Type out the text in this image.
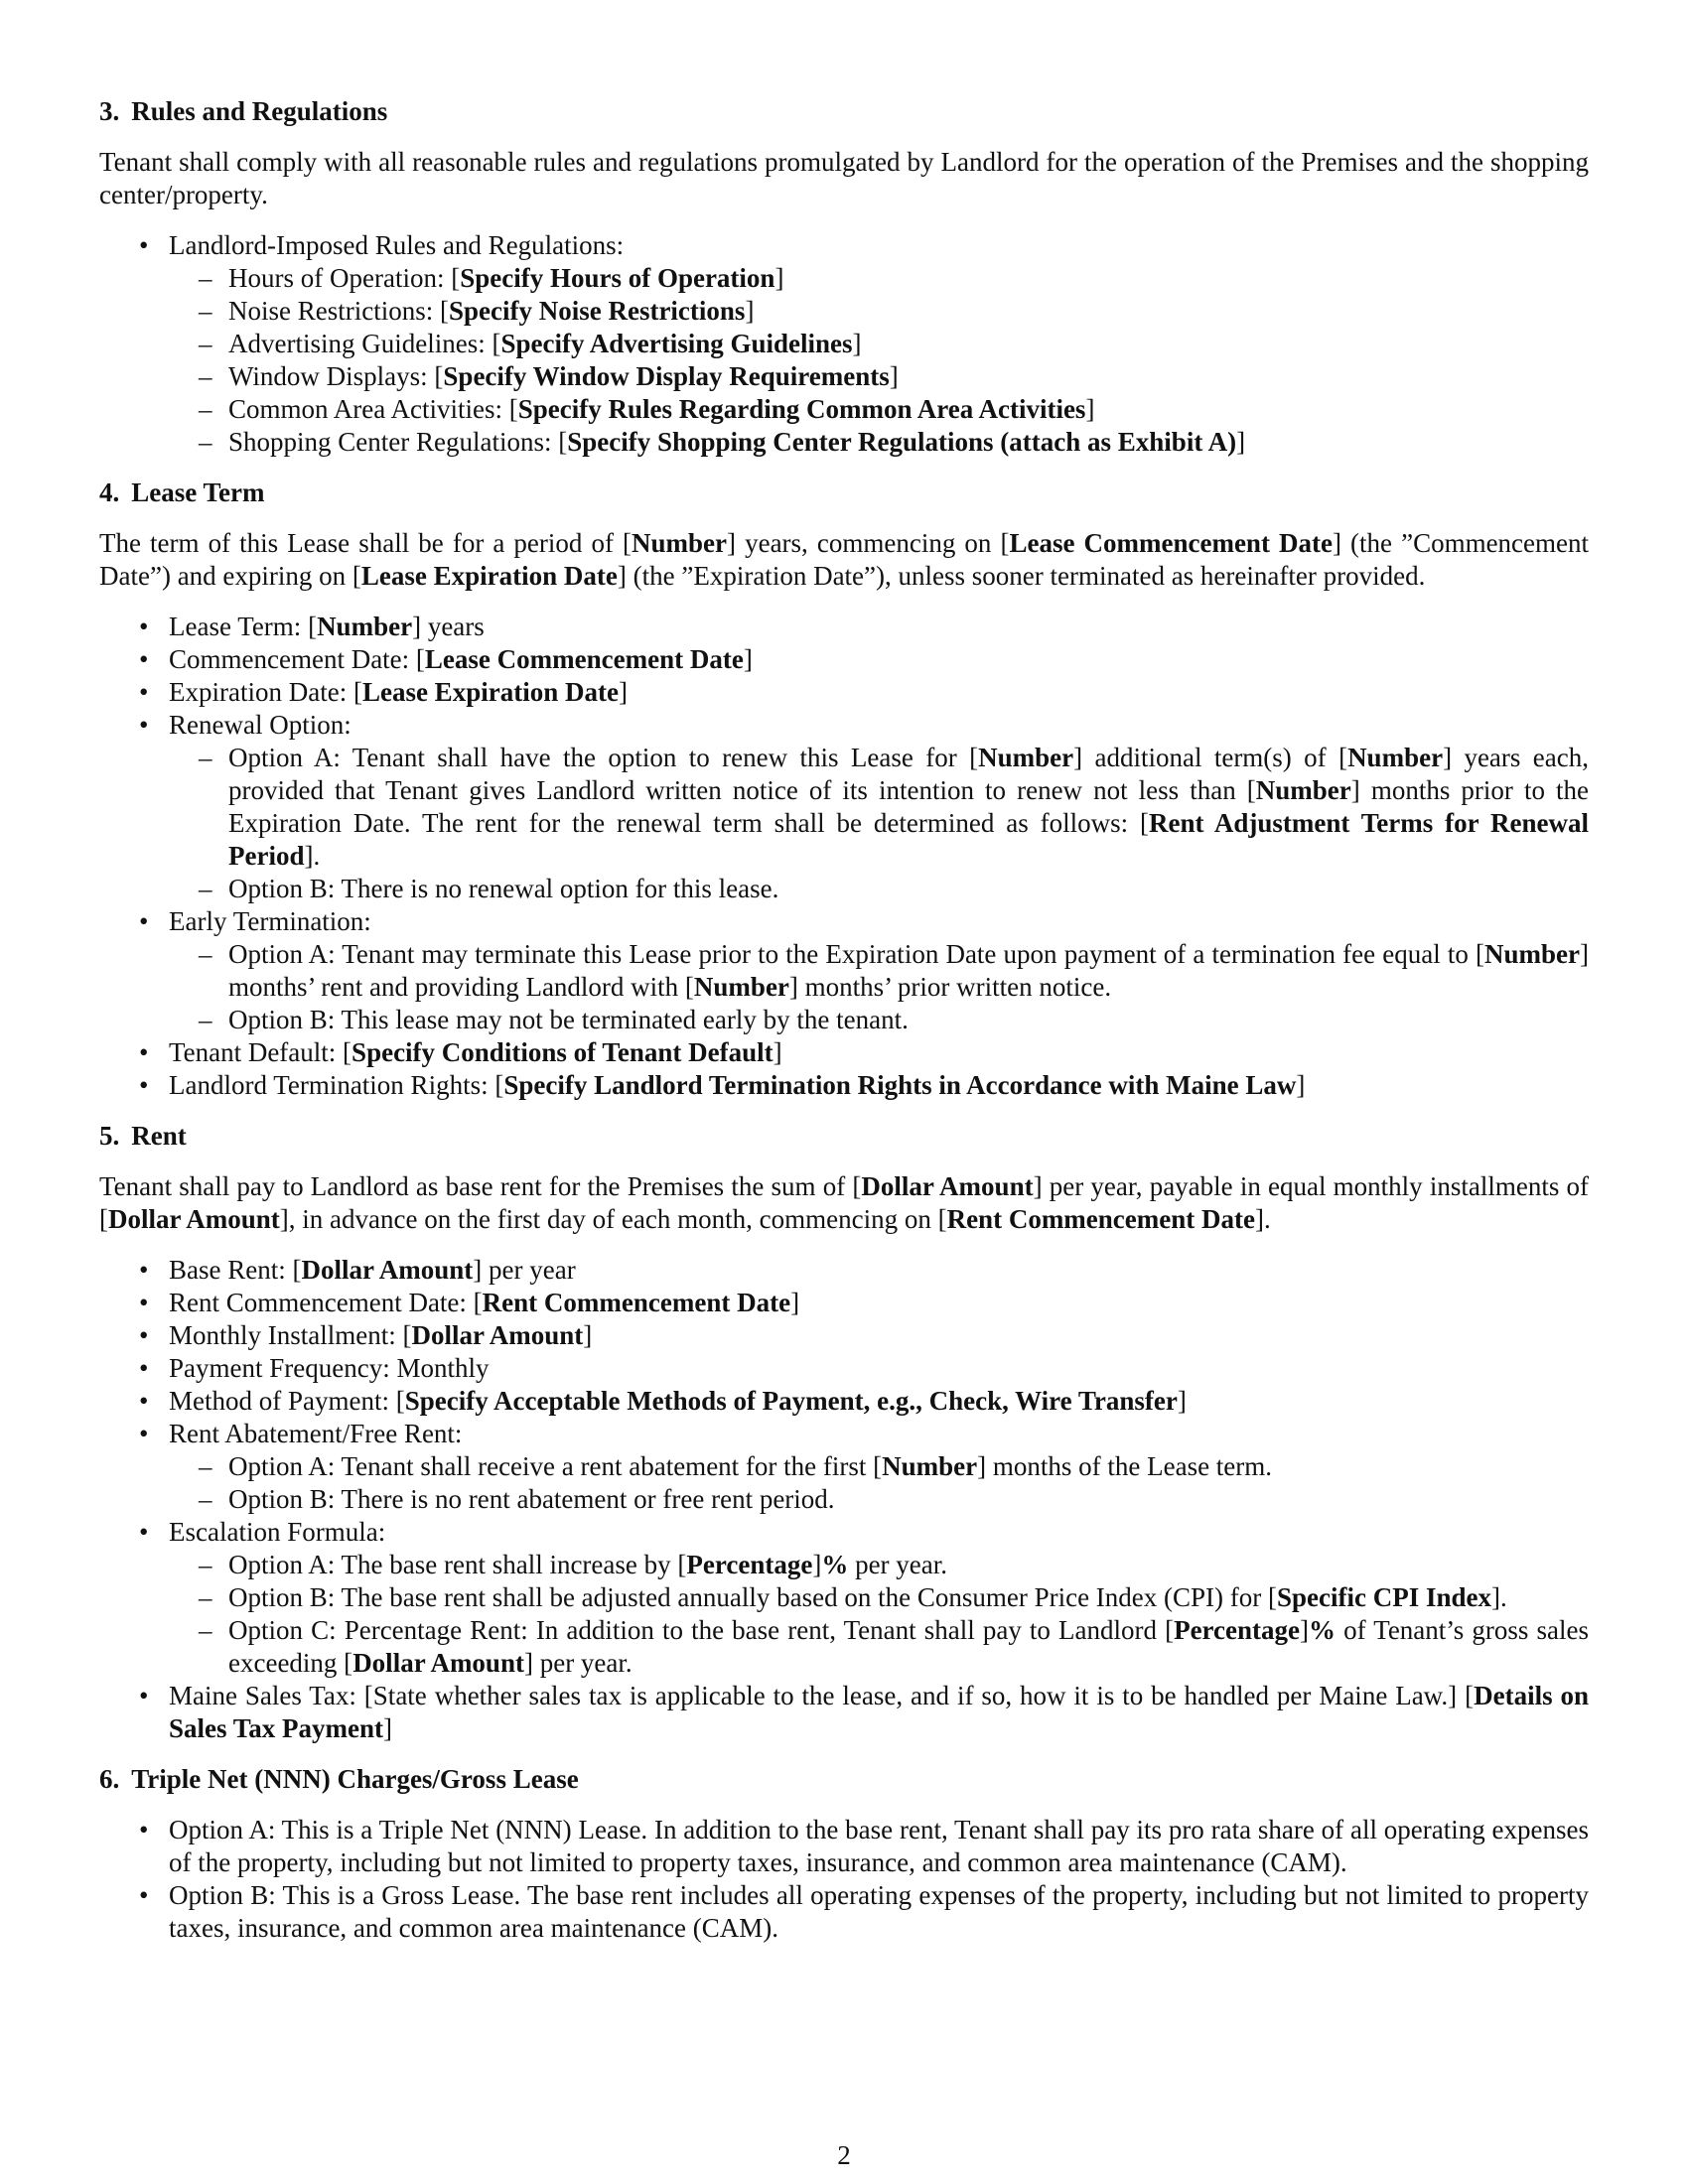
3. Rules and Regulations

Tenant shall comply with all reasonable rules and regulations promulgated by Landlord for the operation of the Premises and the shopping center/property.

• Landlord-Imposed Rules and Regulations:
– Hours of Operation: [Specify Hours of Operation]
– Noise Restrictions: [Specify Noise Restrictions]
– Advertising Guidelines: [Specify Advertising Guidelines]
– Window Displays: [Specify Window Display Requirements]
– Common Area Activities: [Specify Rules Regarding Common Area Activities]
– Shopping Center Regulations: [Specify Shopping Center Regulations (attach as Exhibit A)]
4. Lease Term

The term of this Lease shall be for a period of [Number] years, commencing on [Lease Commencement Date] (the ”Commencement Date”) and expiring on [Lease Expiration Date] (the ”Expiration Date”), unless sooner terminated as hereinafter provided.

• Lease Term: [Number] years
• Commencement Date: [Lease Commencement Date]
• Expiration Date: [Lease Expiration Date]
• Renewal Option:
– Option A: Tenant shall have the option to renew this Lease for [Number] additional term(s) of [Number] years each, provided that Tenant gives Landlord written notice of its intention to renew not less than [Number] months prior to the Expiration Date. The rent for the renewal term shall be determined as follows: [Rent Adjustment Terms for Renewal Period].
– Option B: There is no renewal option for this lease.
• Early Termination:
– Option A: Tenant may terminate this Lease prior to the Expiration Date upon payment of a termination fee equal to [Number] months’ rent and providing Landlord with [Number] months’ prior written notice.
– Option B: This lease may not be terminated early by the tenant.
• Tenant Default: [Specify Conditions of Tenant Default]
• Landlord Termination Rights: [Specify Landlord Termination Rights in Accordance with Maine Law]
5. Rent

Tenant shall pay to Landlord as base rent for the Premises the sum of [Dollar Amount] per year, payable in equal monthly installments of [Dollar Amount], in advance on the first day of each month, commencing on [Rent Commencement Date].

• Base Rent: [Dollar Amount] per year
• Rent Commencement Date: [Rent Commencement Date]
• Monthly Installment: [Dollar Amount]
• Payment Frequency: Monthly
• Method of Payment: [Specify Acceptable Methods of Payment, e.g., Check, Wire Transfer]
• Rent Abatement/Free Rent:
– Option A: Tenant shall receive a rent abatement for the first [Number] months of the Lease term.
– Option B: There is no rent abatement or free rent period.
• Escalation Formula:
– Option A: The base rent shall increase by [Percentage]% per year.
– Option B: The base rent shall be adjusted annually based on the Consumer Price Index (CPI) for [Specific CPI Index].
– Option C: Percentage Rent: In addition to the base rent, Tenant shall pay to Landlord [Percentage]% of Tenant’s gross sales exceeding [Dollar Amount] per year.
• Maine Sales Tax: [State whether sales tax is applicable to the lease, and if so, how it is to be handled per Maine Law.] [Details on Sales Tax Payment]
6. Triple Net (NNN) Charges/Gross Lease
• Option A: This is a Triple Net (NNN) Lease. In addition to the base rent, Tenant shall pay its pro rata share of all operating expenses of the property, including but not limited to property taxes, insurance, and common area maintenance (CAM).
• Option B: This is a Gross Lease. The base rent includes all operating expenses of the property, including but not limited to property taxes, insurance, and common area maintenance (CAM).
2
